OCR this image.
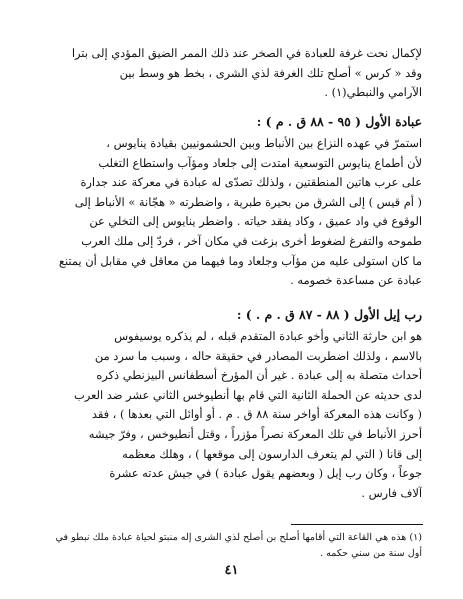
لإكمال نحت غرفة للعبادة في الصخر عند ذلك الممر الضيق المؤدي إلى بترا
وقد « كرس » أصلح تلك الغرفة لذي الشرى ، بخط هو وسط بين
الآرامي والنبطي(١) .
عبادة الأول ( ٩٥ - ٨٨ ق . م ) :
استمرّ في عهده النزاع بين الأنباط وبين الحشمونيين بقيادة ينايوس ،
لأن أطماع ينايوس التوسعية امتدت إلى جلعاد ومؤآب واستطاع التغلب
على عرب هاتين المنطقتين ، ولذلك تصدّى له عبادة في معركة عند جدارة
( أم قيس ) إلى الشرق من بحيرة طبرية ، واضطرته « هجّانة » الأنباط إلى
الوقوع في واد عميق ، وكاد يفقد حياته . واضطر ينايوس إلى التخلي عن
طموحه والتفرغ لضغوط أخرى بزغت في مكان آخر ، فردّ إلى ملك العرب
ما كان استولى عليه من مؤآب وجلعاد وما فيهما من معاقل في مقابل أن يمتنع
عبادة عن مساعدة خصومه .
رب إيل الأول ( ٨٨ - ٨٧ ق . م . ) :
هو ابن حارثة الثاني وأخو عبادة المتقدم قبله ، لم يذكره يوسيفوس
بالاسم ، ولذلك اضطربت المصادر في حقيقة حاله ، وسبب ما سرد من
أحداث متصلة به إلى عبادة . غير أن المؤرخ أسطفانس البيزنطي ذكره
لدى حديثه عن الحملة الثانية التي قام بها أنطيوخس الثاني عشر ضد العرب
( وكانت هذه المعركة أواخر سنة ٨٨ ق . م . أو أوائل التي بعدها ) ، فقد
أحرز الأنباط في تلك المعركة نصراً مؤزراً ، وقتل أنطيوخس ، وفرّ جيشه
إلى قانا ( التي لم يتعرف الدارسون إلى موقعها ) ، وهلك معظمه
جوعاً ، وكان رب إيل ( وبعضهم يقول عبادة ) في جيش عدته عشرة
آلاف فارس .
(١) هذه هي القاعة التي أقامها أصلح بن أصلح لذي الشرى إله منبتو لحياة عبادة ملك نبطو في
أول سنة من سني حكمه .
٤١
